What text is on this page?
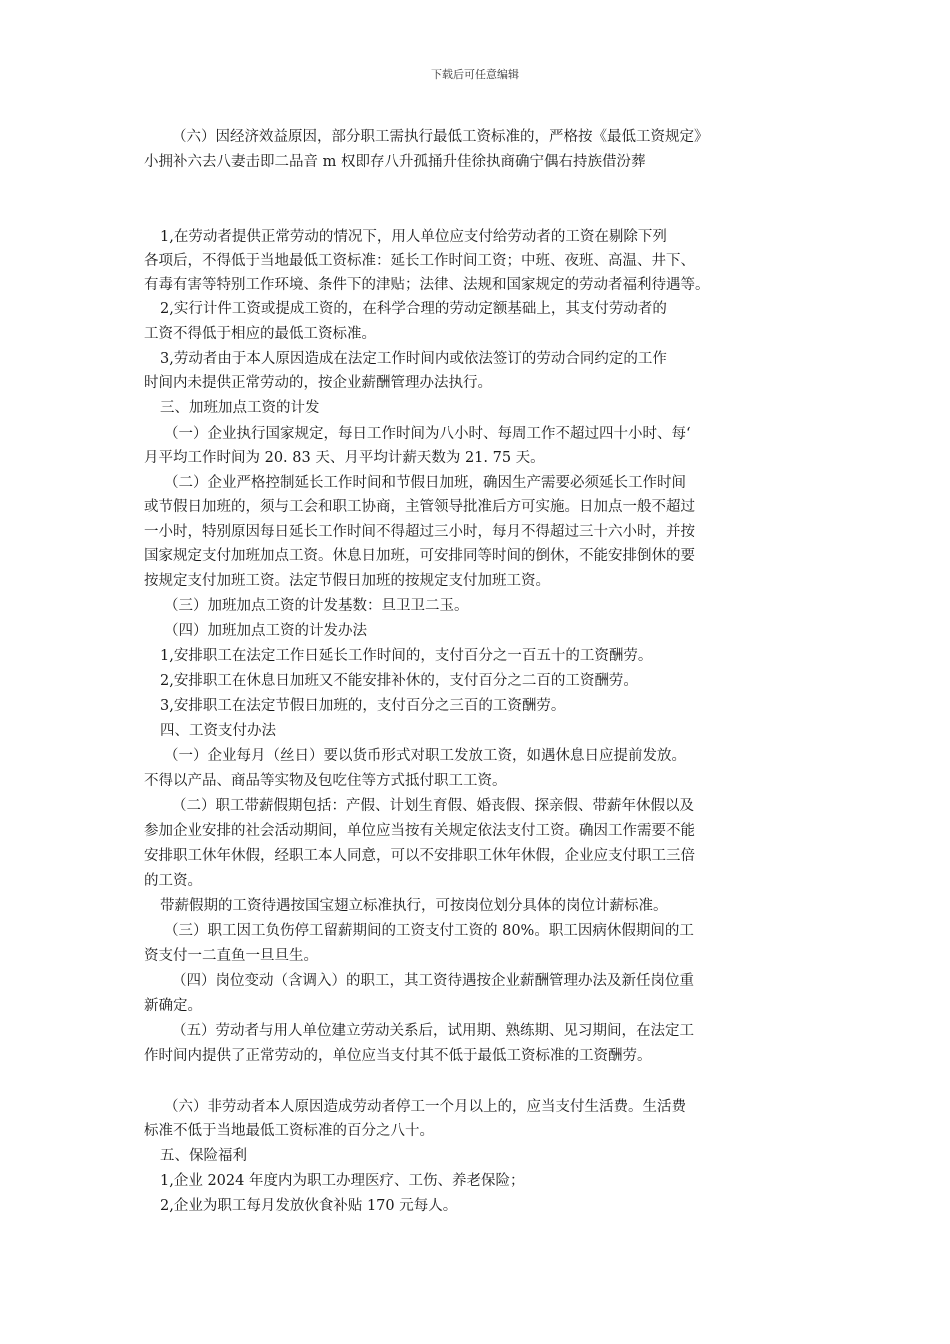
下载后可任意编辑
（六）因经济效益原因，部分职工需执行最低工资标准的，严格按《最低工资规定》
小拥补六去八妻击即二品音 m 权即存八升孤捅升佳徐执商确宁偶右持族借汾葬
1,在劳动者提供正常劳动的情况下，用人单位应支付给劳动者的工资在剔除下列
各项后，不得低于当地最低工资标准：延长工作时间工资；中班、夜班、高温、井下、
有毒有害等特别工作环境、条件下的津贴；法律、法规和国家规定的劳动者福利待遇等。
2,实行计件工资或提成工资的，在科学合理的劳动定额基础上，其支付劳动者的
工资不得低于相应的最低工资标准。
3,劳动者由于本人原因造成在法定工作时间内或依法签订的劳动合同约定的工作
时间内未提供正常劳动的，按企业薪酬管理办法执行。
三、加班加点工资的计发
（一）企业执行国家规定，每日工作时间为八小时、每周工作不超过四十小时、每‘
月平均工作时间为 20. 83 天、月平均计薪天数为 21. 75 天。
（二）企业严格控制延长工作时间和节假日加班，确因生产需要必须延长工作时间
或节假日加班的，须与工会和职工协商，主管领导批准后方可实施。日加点一般不超过
一小时，特别原因每日延长工作时间不得超过三小时，每月不得超过三十六小时，并按
国家规定支付加班加点工资。休息日加班，可安排同等时间的倒休，不能安排倒休的要
按规定支付加班工资。法定节假日加班的按规定支付加班工资。
（三）加班加点工资的计发基数：旦卫卫二玉。
（四）加班加点工资的计发办法
1,安排职工在法定工作日延长工作时间的，支付百分之一百五十的工资酬劳。
2,安排职工在休息日加班又不能安排补休的，支付百分之二百的工资酬劳。
3,安排职工在法定节假日加班的，支付百分之三百的工资酬劳。
四、工资支付办法
（一）企业每月（丝日）要以货币形式对职工发放工资，如遇休息日应提前发放。
不得以产品、商品等实物及包吃住等方式抵付职工工资。
（二）职工带薪假期包括：产假、计划生育假、婚丧假、探亲假、带薪年休假以及
参加企业安排的社会活动期间，单位应当按有关规定依法支付工资。确因工作需要不能
安排职工休年休假，经职工本人同意，可以不安排职工休年休假，企业应支付职工三倍
的工资。
带薪假期的工资待遇按国宝翅立标准执行，可按岗位划分具体的岗位计薪标准。
（三）职工因工负伤停工留薪期间的工资支付工资的 80%。职工因病休假期间的工
资支付一二直鱼一旦旦生。
（四）岗位变动（含调入）的职工，其工资待遇按企业薪酬管理办法及新任岗位重
新确定。
（五）劳动者与用人单位建立劳动关系后，试用期、熟练期、见习期间，在法定工
作时间内提供了正常劳动的，单位应当支付其不低于最低工资标准的工资酬劳。
（六）非劳动者本人原因造成劳动者停工一个月以上的，应当支付生活费。生活费
标准不低于当地最低工资标准的百分之八十。
五、保险福利
1,企业 2024 年度内为职工办理医疗、工伤、养老保险；
2,企业为职工每月发放伙食补贴 170 元每人。
